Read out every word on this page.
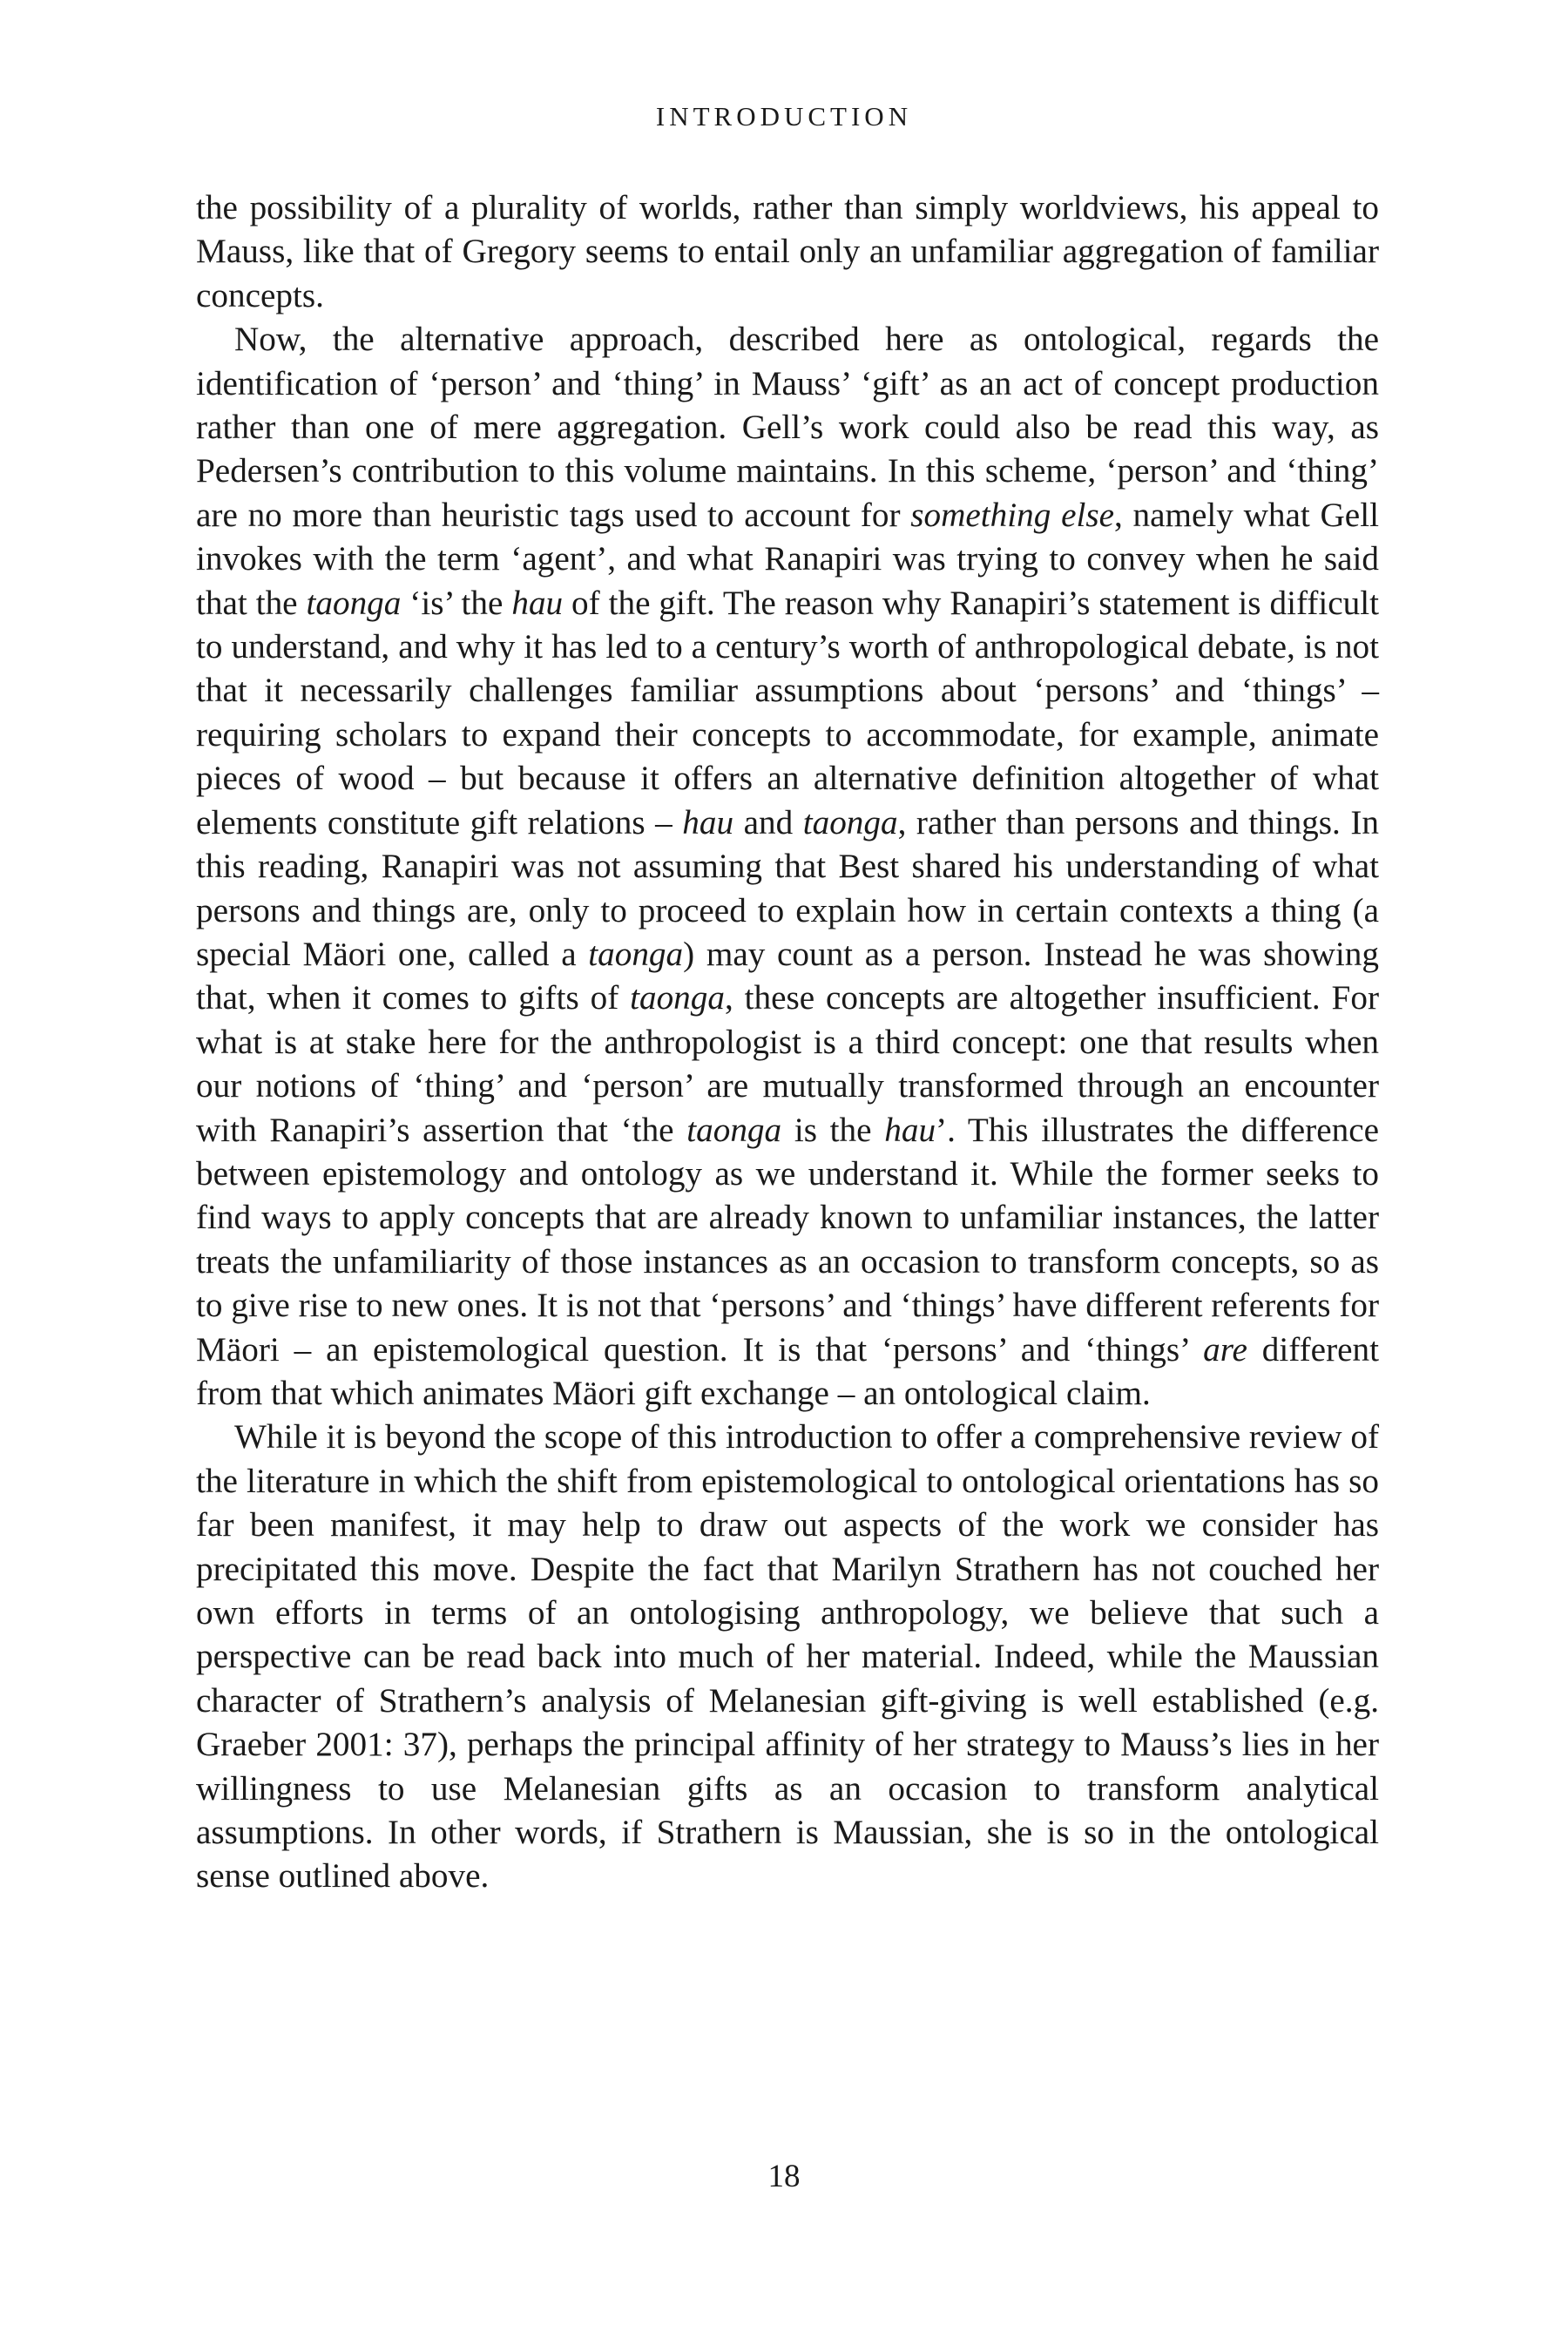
INTRODUCTION

the possibility of a plurality of worlds, rather than simply worldviews, his appeal to Mauss, like that of Gregory seems to entail only an unfamiliar aggregation of familiar concepts.

Now, the alternative approach, described here as ontological, regards the identification of ‘person’ and ‘thing’ in Mauss’ ‘gift’ as an act of concept production rather than one of mere aggregation. Gell’s work could also be read this way, as Pedersen’s contribution to this volume maintains. In this scheme, ‘person’ and ‘thing’ are no more than heuristic tags used to account for something else, namely what Gell invokes with the term ‘agent’, and what Ranapiri was trying to convey when he said that the taonga ‘is’ the hau of the gift. The reason why Ranapiri’s statement is difficult to understand, and why it has led to a century’s worth of anthropological debate, is not that it necessarily challenges familiar assumptions about ‘persons’ and ‘things’ – requiring scholars to expand their concepts to accommodate, for example, animate pieces of wood – but because it offers an alternative definition altogether of what elements constitute gift relations – hau and taonga, rather than persons and things. In this reading, Ranapiri was not assuming that Best shared his understanding of what persons and things are, only to proceed to explain how in certain contexts a thing (a special Mäori one, called a taonga) may count as a person. Instead he was showing that, when it comes to gifts of taonga, these concepts are altogether insufficient. For what is at stake here for the anthropologist is a third concept: one that results when our notions of ‘thing’ and ‘person’ are mutually transformed through an encounter with Ranapiri’s assertion that ‘the taonga is the hau’. This illustrates the difference between epistemology and ontology as we understand it. While the former seeks to find ways to apply concepts that are already known to unfamiliar instances, the latter treats the unfamiliarity of those instances as an occasion to transform concepts, so as to give rise to new ones. It is not that ‘persons’ and ‘things’ have different referents for Mäori – an epistemological question. It is that ‘persons’ and ‘things’ are different from that which animates Mäori gift exchange – an ontological claim.

While it is beyond the scope of this introduction to offer a comprehensive review of the literature in which the shift from epistemological to ontological orientations has so far been manifest, it may help to draw out aspects of the work we consider has precipitated this move. Despite the fact that Marilyn Strathern has not couched her own efforts in terms of an ontologising anthropology, we believe that such a perspective can be read back into much of her material. Indeed, while the Maussian character of Strathern’s analysis of Melanesian gift-giving is well established (e.g. Graeber 2001: 37), perhaps the principal affinity of her strategy to Mauss’s lies in her willingness to use Melanesian gifts as an occasion to transform analytical assumptions. In other words, if Strathern is Maussian, she is so in the ontological sense outlined above.

18
